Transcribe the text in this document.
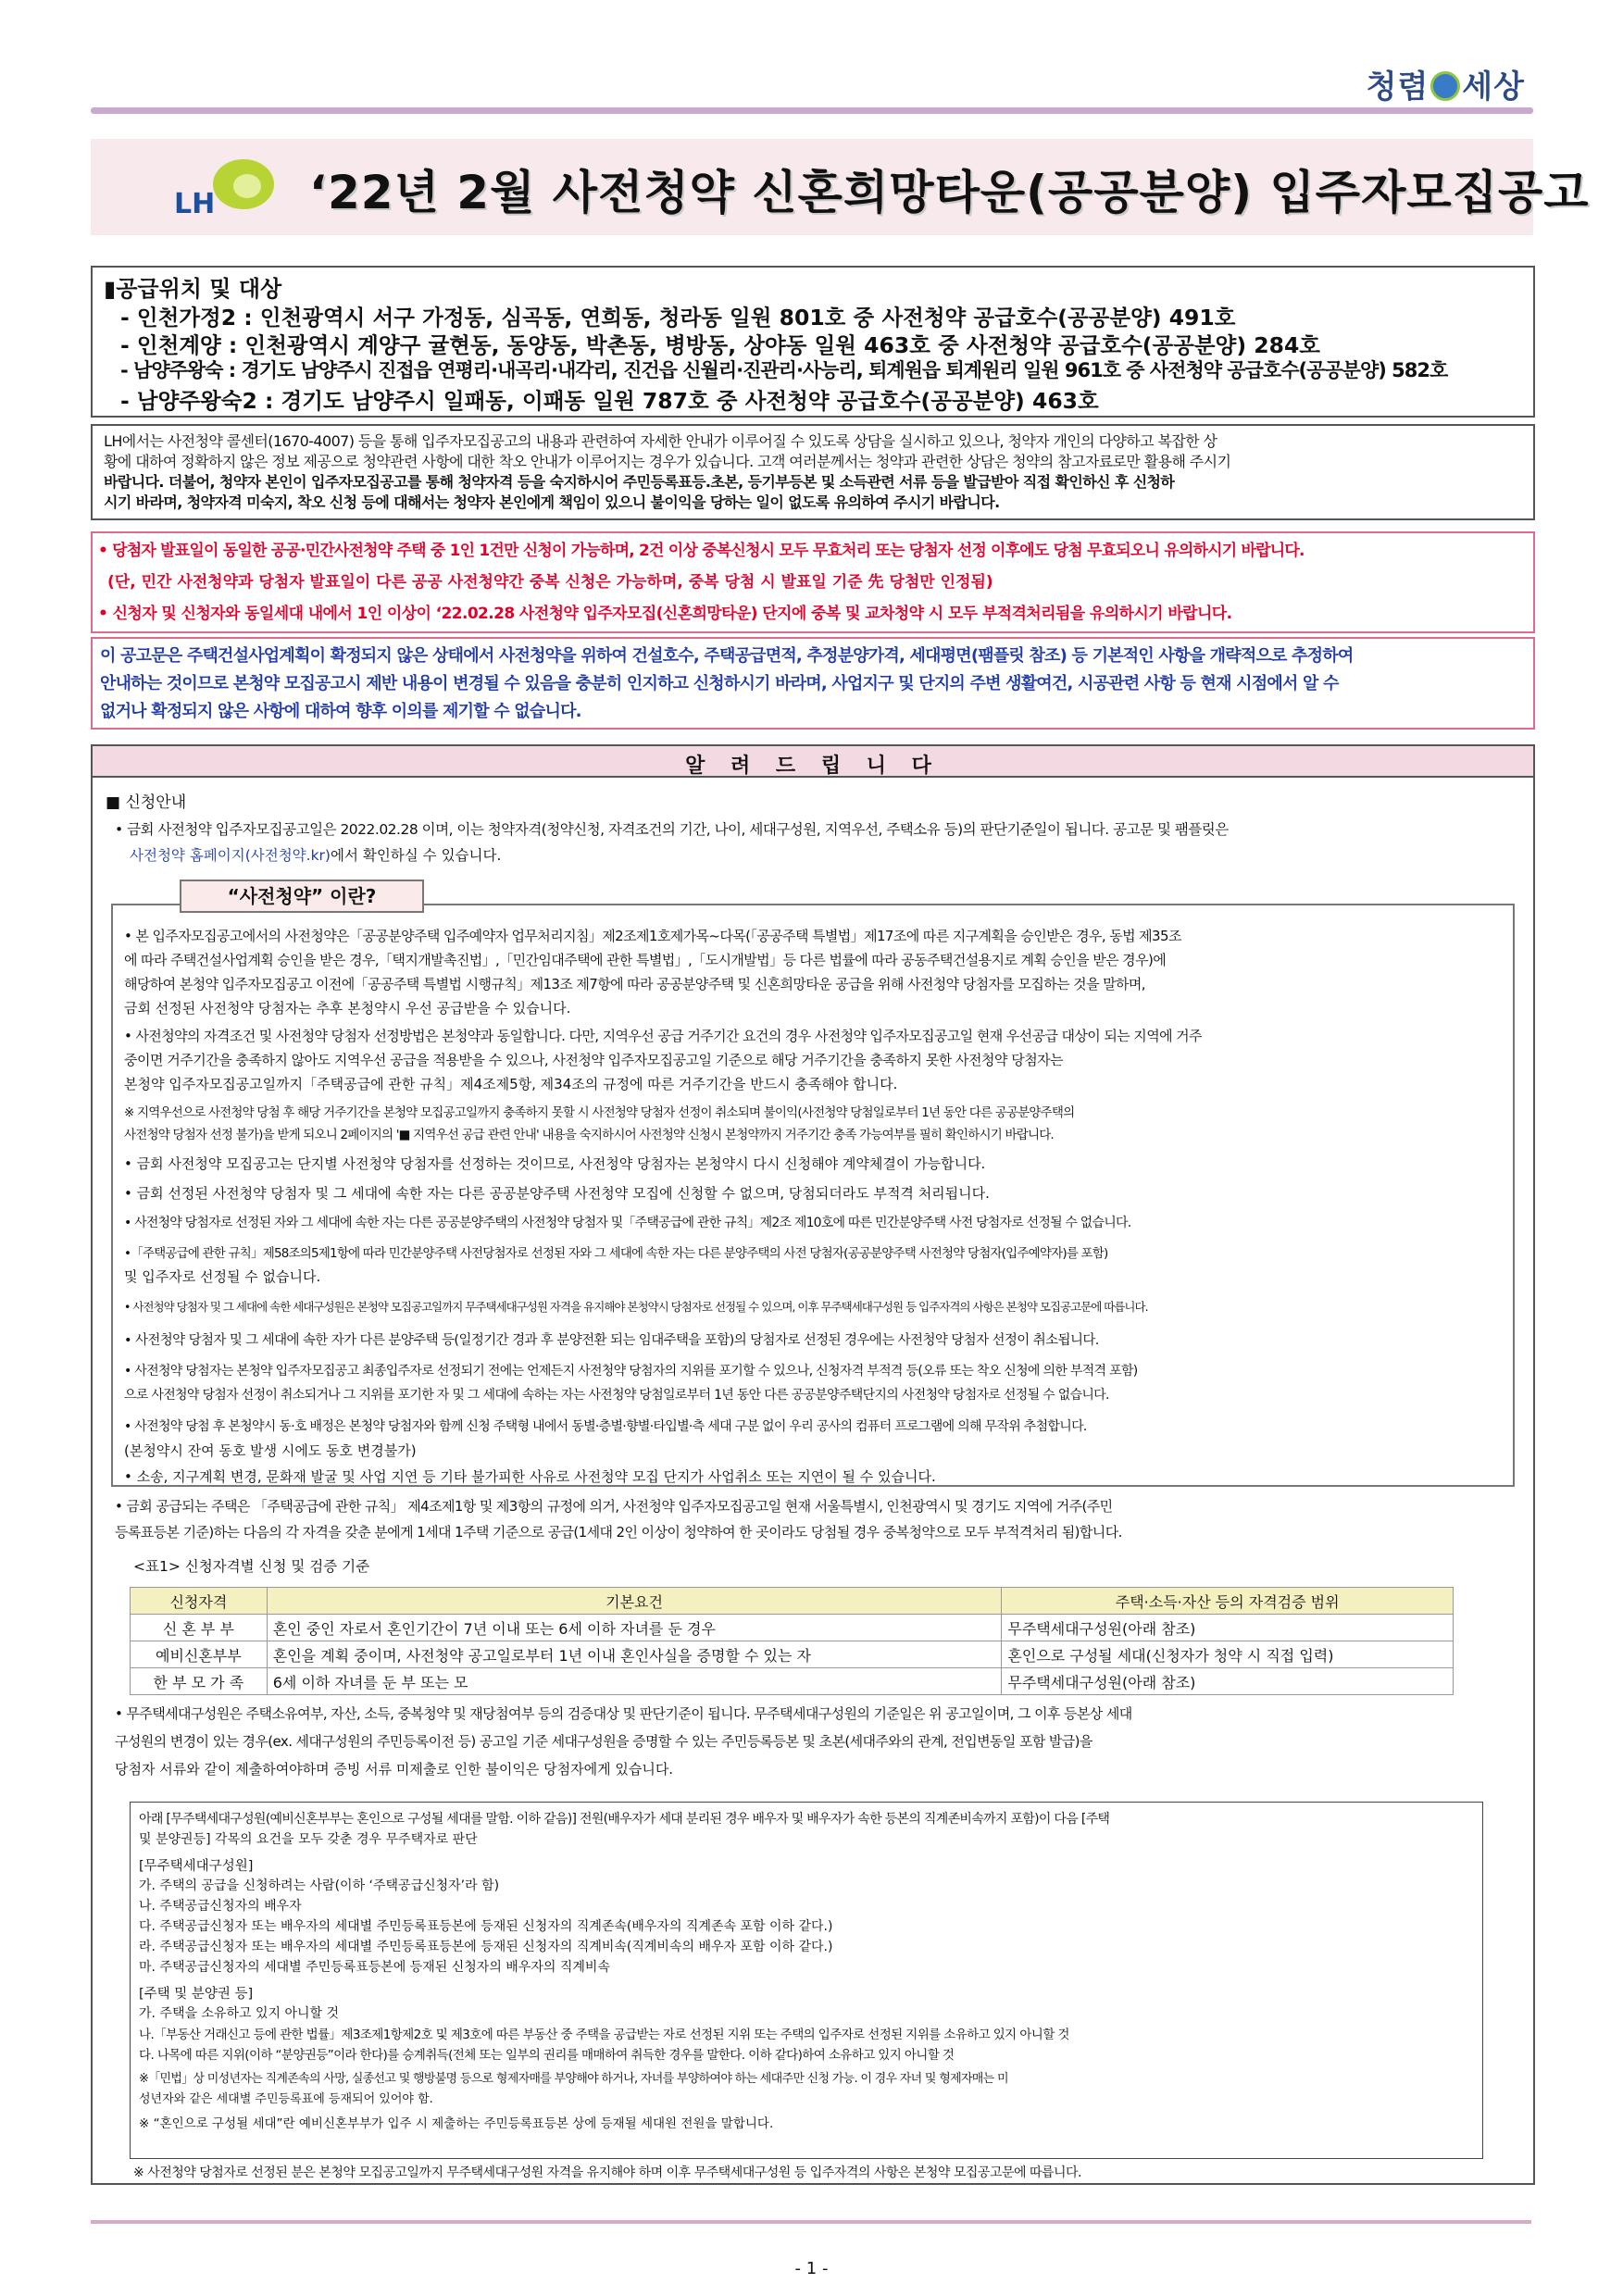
청렴 세상
LH ‘22년 2월 사전청약 신혼희망타운(공공분양) 입주자모집공고
▮공급위치 및 대상
- 인천가정2 : 인천광역시 서구 가정동, 심곡동, 연희동, 청라동 일원 801호 중 사전청약 공급호수(공공분양) 491호
- 인천계양 : 인천광역시 계양구 귤현동, 동양동, 박촌동, 병방동, 상야동 일원 463호 중 사전청약 공급호수(공공분양) 284호
- 남양주왕숙 : 경기도 남양주시 진접읍 연평리·내곡리·내각리, 진건읍 신월리·진관리·사능리, 퇴계원읍 퇴계원리 일원 961호 중 사전청약 공급호수(공공분양) 582호
- 남양주왕숙2 : 경기도 남양주시 일패동, 이패동 일원 787호 중 사전청약 공급호수(공공분양) 463호
LH에서는 사전청약 콜센터(1670-4007) 등을 통해 입주자모집공고의 내용과 관련하여 자세한 안내가 이루어질 수 있도록 상담을 실시하고 있으나, 청약자 개인의 다양하고 복잡한 상
황에 대하여 정확하지 않은 정보 제공으로 청약관련 사항에 대한 착오 안내가 이루어지는 경우가 있습니다. 고객 여러분께서는 청약과 관련한 상담은 청약의 참고자료로만 활용해 주시기
바랍니다. 더불어, 청약자 본인이 입주자모집공고를 통해 청약자격 등을 숙지하시어 주민등록표등.초본, 등기부등본 및 소득관련 서류 등을 발급받아 직접 확인하신 후 신청하
시기 바라며, 청약자격 미숙지, 착오 신청 등에 대해서는 청약자 본인에게 책임이 있으니 불이익을 당하는 일이 없도록 유의하여 주시기 바랍니다.
• 당첨자 발표일이 동일한 공공·민간사전청약 주택 중 1인 1건만 신청이 가능하며, 2건 이상 중복신청시 모두 무효처리 또는 당첨자 선정 이후에도 당첨 무효되오니 유의하시기 바랍니다.
(단, 민간 사전청약과 당첨자 발표일이 다른 공공 사전청약간 중복 신청은 가능하며, 중복 당첨 시 발표일 기준 先 당첨만 인정됨)
• 신청자 및 신청자와 동일세대 내에서 1인 이상이 ‘22.02.28 사전청약 입주자모집(신혼희망타운) 단지에 중복 및 교차청약 시 모두 부적격처리됨을 유의하시기 바랍니다.
이 공고문은 주택건설사업계획이 확정되지 않은 상태에서 사전청약을 위하여 건설호수, 주택공급면적, 추정분양가격, 세대평면(팸플릿 참조) 등 기본적인 사항을 개략적으로 추정하여
안내하는 것이므로 본청약 모집공고시 제반 내용이 변경될 수 있음을 충분히 인지하고 신청하시기 바라며, 사업지구 및 단지의 주변 생활여건, 시공관련 사항 등 현재 시점에서 알 수
없거나 확정되지 않은 사항에 대하여 향후 이의를 제기할 수 없습니다.
알 려 드 립 니 다
■ 신청안내
• 금회 사전청약 입주자모집공고일은 2022.02.28 이며, 이는 청약자격(청약신청, 자격조건의 기간, 나이, 세대구성원, 지역우선, 주택소유 등)의 판단기준일이 됩니다. 공고문 및 팸플릿은
사전청약 홈페이지(사전청약.kr)에서 확인하실 수 있습니다.
“사전청약” 이란?
• 본 입주자모집공고에서의 사전청약은「공공분양주택 입주예약자 업무처리지침」제2조제1호제가목~다목(「공공주택 특별법」제17조에 따른 지구계획을 승인받은 경우, 동법 제35조
에 따라 주택건설사업계획 승인을 받은 경우,「택지개발촉진법」,「민간임대주택에 관한 특별법」,「도시개발법」등 다른 법률에 따라 공동주택건설용지로 계획 승인을 받은 경우)에
해당하여 본청약 입주자모집공고 이전에「공공주택 특별법 시행규칙」제13조 제7항에 따라 공공분양주택 및 신혼희망타운 공급을 위해 사전청약 당첨자를 모집하는 것을 말하며,
금회 선정된 사전청약 당첨자는 추후 본청약시 우선 공급받을 수 있습니다.
• 사전청약의 자격조건 및 사전청약 당첨자 선정방법은 본청약과 동일합니다. 다만, 지역우선 공급 거주기간 요건의 경우 사전청약 입주자모집공고일 현재 우선공급 대상이 되는 지역에 거주
중이면 거주기간을 충족하지 않아도 지역우선 공급을 적용받을 수 있으나, 사전청약 입주자모집공고일 기준으로 해당 거주기간을 충족하지 못한 사전청약 당첨자는
본청약 입주자모집공고일까지「주택공급에 관한 규칙」제4조제5항, 제34조의 규정에 따른 거주기간을 반드시 충족해야 합니다.
※ 지역우선으로 사전청약 당첨 후 해당 거주기간을 본청약 모집공고일까지 충족하지 못할 시 사전청약 당첨자 선정이 취소되며 불이익(사전청약 당첨일로부터 1년 동안 다른 공공분양주택의
사전청약 당첨자 선정 불가)을 받게 되오니 2페이지의 '■ 지역우선 공급 관련 안내' 내용을 숙지하시어 사전청약 신청시 본청약까지 거주기간 충족 가능여부를 필히 확인하시기 바랍니다.
• 금회 사전청약 모집공고는 단지별 사전청약 당첨자를 선정하는 것이므로, 사전청약 당첨자는 본청약시 다시 신청해야 계약체결이 가능합니다.
• 금회 선정된 사전청약 당첨자 및 그 세대에 속한 자는 다른 공공분양주택 사전청약 모집에 신청할 수 없으며, 당첨되더라도 부적격 처리됩니다.
• 사전청약 당첨자로 선정된 자와 그 세대에 속한 자는 다른 공공분양주택의 사전청약 당첨자 및「주택공급에 관한 규칙」제2조 제10호에 따른 민간분양주택 사전 당첨자로 선정될 수 없습니다.
•「주택공급에 관한 규칙」제58조의5제1항에 따라 민간분양주택 사전당첨자로 선정된 자와 그 세대에 속한 자는 다른 분양주택의 사전 당첨자(공공분양주택 사전청약 당첨자(입주예약자)를 포함)
및 입주자로 선정될 수 없습니다.
• 사전청약 당첨자 및 그 세대에 속한 세대구성원은 본청약 모집공고일까지 무주택세대구성원 자격을 유지해야 본청약시 당첨자로 선정될 수 있으며, 이후 무주택세대구성원 등 입주자격의 사항은 본청약 모집공고문에 따릅니다.
• 사전청약 당첨자 및 그 세대에 속한 자가 다른 분양주택 등(일정기간 경과 후 분양전환 되는 임대주택을 포함)의 당첨자로 선정된 경우에는 사전청약 당첨자 선정이 취소됩니다.
• 사전청약 당첨자는 본청약 입주자모집공고 최종입주자로 선정되기 전에는 언제든지 사전청약 당첨자의 지위를 포기할 수 있으나, 신청자격 부적격 등(오류 또는 착오 신청에 의한 부적격 포함)
으로 사전청약 당첨자 선정이 취소되거나 그 지위를 포기한 자 및 그 세대에 속하는 자는 사전청약 당첨일로부터 1년 동안 다른 공공분양주택단지의 사전청약 당첨자로 선정될 수 없습니다.
• 사전청약 당첨 후 본청약시 동·호 배정은 본청약 당첨자와 함께 신청 주택형 내에서 동별·층별·향별·타입별·측 세대 구분 없이 우리 공사의 컴퓨터 프로그램에 의해 무작위 추첨합니다.
(본청약시 잔여 동호 발생 시에도 동호 변경불가)
• 소송, 지구계획 변경, 문화재 발굴 및 사업 지연 등 기타 불가피한 사유로 사전청약 모집 단지가 사업취소 또는 지연이 될 수 있습니다.
• 금회 공급되는 주택은 「주택공급에 관한 규칙」 제4조제1항 및 제3항의 규정에 의거, 사전청약 입주자모집공고일 현재 서울특별시, 인천광역시 및 경기도 지역에 거주(주민
등록표등본 기준)하는 다음의 각 자격을 갖춘 분에게 1세대 1주택 기준으로 공급(1세대 2인 이상이 청약하여 한 곳이라도 당첨될 경우 중복청약으로 모두 부적격처리 됨)합니다.
<표1> 신청자격별 신청 및 검증 기준
신청자격	기본요건	주택·소득·자산 등의 자격검증 범위
신 혼 부 부	혼인 중인 자로서 혼인기간이 7년 이내 또는 6세 이하 자녀를 둔 경우	무주택세대구성원(아래 참조)
예비신혼부부	혼인을 계획 중이며, 사전청약 공고일로부터 1년 이내 혼인사실을 증명할 수 있는 자	혼인으로 구성될 세대(신청자가 청약 시 직접 입력)
한 부 모 가 족	6세 이하 자녀를 둔 부 또는 모	무주택세대구성원(아래 참조)
• 무주택세대구성원은 주택소유여부, 자산, 소득, 중복청약 및 재당첨여부 등의 검증대상 및 판단기준이 됩니다. 무주택세대구성원의 기준일은 위 공고일이며, 그 이후 등본상 세대
구성원의 변경이 있는 경우(ex. 세대구성원의 주민등록이전 등) 공고일 기준 세대구성원을 증명할 수 있는 주민등록등본 및 초본(세대주와의 관계, 전입변동일 포함 발급)을
당첨자 서류와 같이 제출하여야하며 증빙 서류 미제출로 인한 불이익은 당첨자에게 있습니다.
아래 [무주택세대구성원(예비신혼부부는 혼인으로 구성될 세대를 말함. 이하 같음)] 전원(배우자가 세대 분리된 경우 배우자 및 배우자가 속한 등본의 직계존비속까지 포함)이 다음 [주택
및 분양권등] 각목의 요건을 모두 갖춘 경우 무주택자로 판단
[무주택세대구성원]
가. 주택의 공급을 신청하려는 사람(이하 ‘주택공급신청자’라 함)
나. 주택공급신청자의 배우자
다. 주택공급신청자 또는 배우자의 세대별 주민등록표등본에 등재된 신청자의 직계존속(배우자의 직계존속 포함 이하 같다.)
라. 주택공급신청자 또는 배우자의 세대별 주민등록표등본에 등재된 신청자의 직계비속(직계비속의 배우자 포함 이하 같다.)
마. 주택공급신청자의 세대별 주민등록표등본에 등재된 신청자의 배우자의 직계비속
[주택 및 분양권 등]
가. 주택을 소유하고 있지 아니할 것
나.「부동산 거래신고 등에 관한 법률」제3조제1항제2호 및 제3호에 따른 부동산 중 주택을 공급받는 자로 선정된 지위 또는 주택의 입주자로 선정된 지위를 소유하고 있지 아니할 것
다. 나목에 따른 지위(이하 “분양권등”이라 한다)를 승계취득(전체 또는 일부의 권리를 매매하여 취득한 경우를 말한다. 이하 같다)하여 소유하고 있지 아니할 것
※「민법」상 미성년자는 직계존속의 사망, 실종선고 및 행방불명 등으로 형제자매를 부양해야 하거나, 자녀를 부양하여야 하는 세대주만 신청 가능. 이 경우 자녀 및 형제자매는 미
성년자와 같은 세대별 주민등록표에 등재되어 있어야 함.
※ “혼인으로 구성될 세대”란 예비신혼부부가 입주 시 제출하는 주민등록표등본 상에 등재될 세대원 전원을 말합니다.
※ 사전청약 당첨자로 선정된 분은 본청약 모집공고일까지 무주택세대구성원 자격을 유지해야 하며 이후 무주택세대구성원 등 입주자격의 사항은 본청약 모집공고문에 따릅니다.
- 1 -
